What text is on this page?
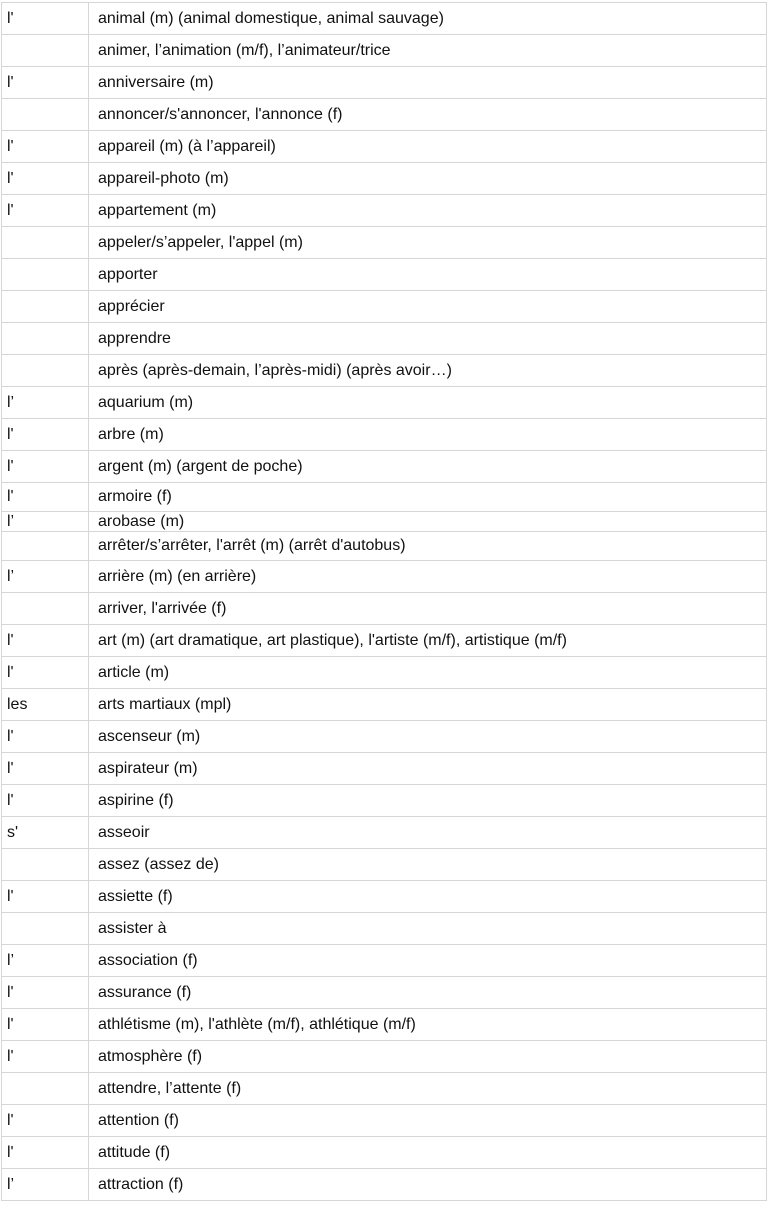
l'	animal (m) (animal domestique, animal sauvage)
	animer, l’animation (m/f), l’animateur/trice
l'	anniversaire (m)
	annoncer/s'annoncer, l'annonce (f)
l'	appareil (m) (à l’appareil)
l'	appareil-photo (m)
l'	appartement (m)
	appeler/s’appeler, l'appel (m)
	apporter
	apprécier
	apprendre
	après (après-demain, l’après-midi) (après avoir…)
l’	aquarium (m)
l'	arbre (m)
l'	argent (m) (argent de poche)
l'	armoire (f)
l’	arobase (m)
	arrêter/s’arrêter, l'arrêt (m) (arrêt d'autobus)
l’	arrière (m) (en arrière)
	arriver, l'arrivée (f)
l'	art (m) (art dramatique, art plastique), l'artiste (m/f), artistique (m/f)
l'	article (m)
les	arts martiaux (mpl)
l'	ascenseur (m)
l'	aspirateur (m)
l'	aspirine (f)
s'	asseoir
	assez (assez de)
l'	assiette (f)
	assister à
l’	association (f)
l'	assurance (f)
l'	athlétisme (m), l'athlète (m/f), athlétique (m/f)
l'	atmosphère (f)
	attendre, l’attente (f)
l'	attention (f)
l'	attitude (f)
l’	attraction (f)
